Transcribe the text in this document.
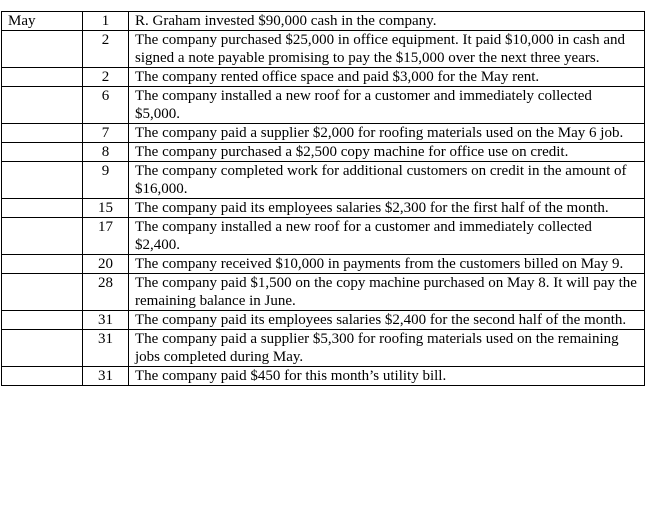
May	1	R. Graham invested $90,000 cash in the company.
	2	The company purchased $25,000 in office equipment. It paid $10,000 in cash and signed a note payable promising to pay the $15,000 over the next three years.
	2	The company rented office space and paid $3,000 for the May rent.
	6	The company installed a new roof for a customer and immediately collected $5,000.
	7	The company paid a supplier $2,000 for roofing materials used on the May 6 job.
	8	The company purchased a $2,500 copy machine for office use on credit.
	9	The company completed work for additional customers on credit in the amount of $16,000.
	15	The company paid its employees salaries $2,300 for the first half of the month.
	17	The company installed a new roof for a customer and immediately collected $2,400.
	20	The company received $10,000 in payments from the customers billed on May 9.
	28	The company paid $1,500 on the copy machine purchased on May 8. It will pay the remaining balance in June.
	31	The company paid its employees salaries $2,400 for the second half of the month.
	31	The company paid a supplier $5,300 for roofing materials used on the remaining jobs completed during May.
	31	The company paid $450 for this month’s utility bill.
